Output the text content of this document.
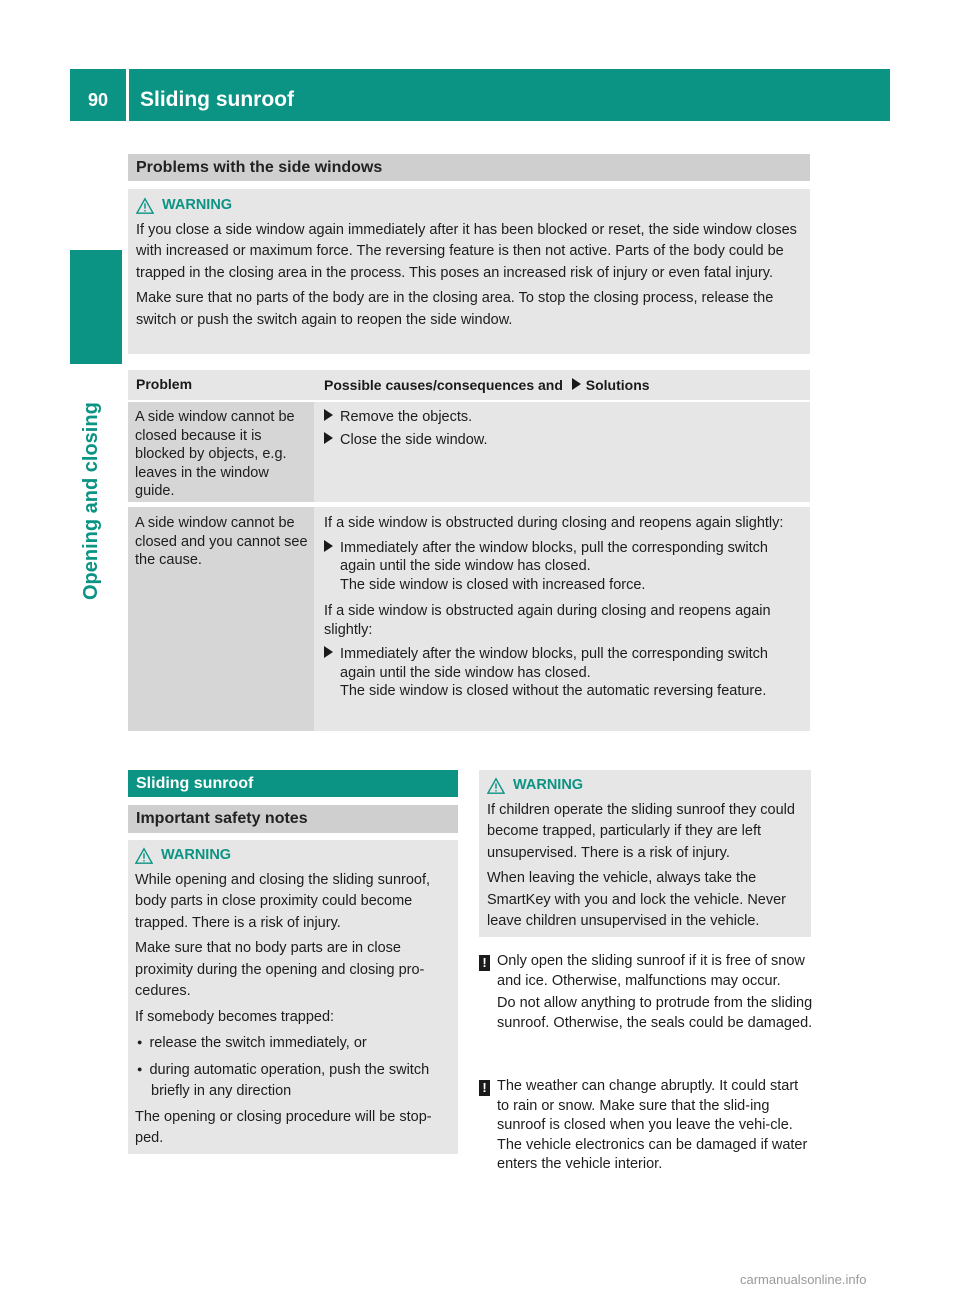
90	Sliding sunroof
Opening and closing
Problems with the side windows
WARNING

If you close a side window again immediately after it has been blocked or reset, the side window closes with increased or maximum force. The reversing feature is then not active. Parts of the body could be trapped in the closing area in the process. This poses an increased risk of injury or even fatal injury.

Make sure that no parts of the body are in the closing area. To stop the closing process, release the switch or push the switch again to reopen the side window.

Problem	Possible causes/consequences and Solutions
A side window cannot be closed because it is blocked by objects, e.g. leaves in the window guide.

Remove the objects.

Close the side window.

A side window cannot be closed and you cannot see the cause.

If a side window is obstructed during closing and reopens again slightly:

Immediately after the window blocks, pull the corresponding switch again until the side window has closed.

The side window is closed with increased force.

If a side window is obstructed again during closing and reopens again slightly:

Immediately after the window blocks, pull the corresponding switch again until the side window has closed.

The side window is closed without the automatic reversing feature.

Sliding sunroof
Important safety notes
WARNING

While opening and closing the sliding sunroof, body parts in close proximity could become trapped. There is a risk of injury.

Make sure that no body parts are in close proximity during the opening and closing pro-cedures.

If somebody becomes trapped:

● release the switch immediately, or

● during automatic operation, push the switch briefly in any direction

The opening or closing procedure will be stop-ped.

WARNING

If children operate the sliding sunroof they could become trapped, particularly if they are left unsupervised. There is a risk of injury.

When leaving the vehicle, always take the SmartKey with you and lock the vehicle. Never leave children unsupervised in the vehicle.

! Only open the sliding sunroof if it is free of snow and ice. Otherwise, malfunctions may occur.

Do not allow anything to protrude from the sliding sunroof. Otherwise, the seals could be damaged.

! The weather can change abruptly. It could start to rain or snow. Make sure that the slid-ing sunroof is closed when you leave the vehi-cle. The vehicle electronics can be damaged if water enters the vehicle interior.

carmanualsonline.info
